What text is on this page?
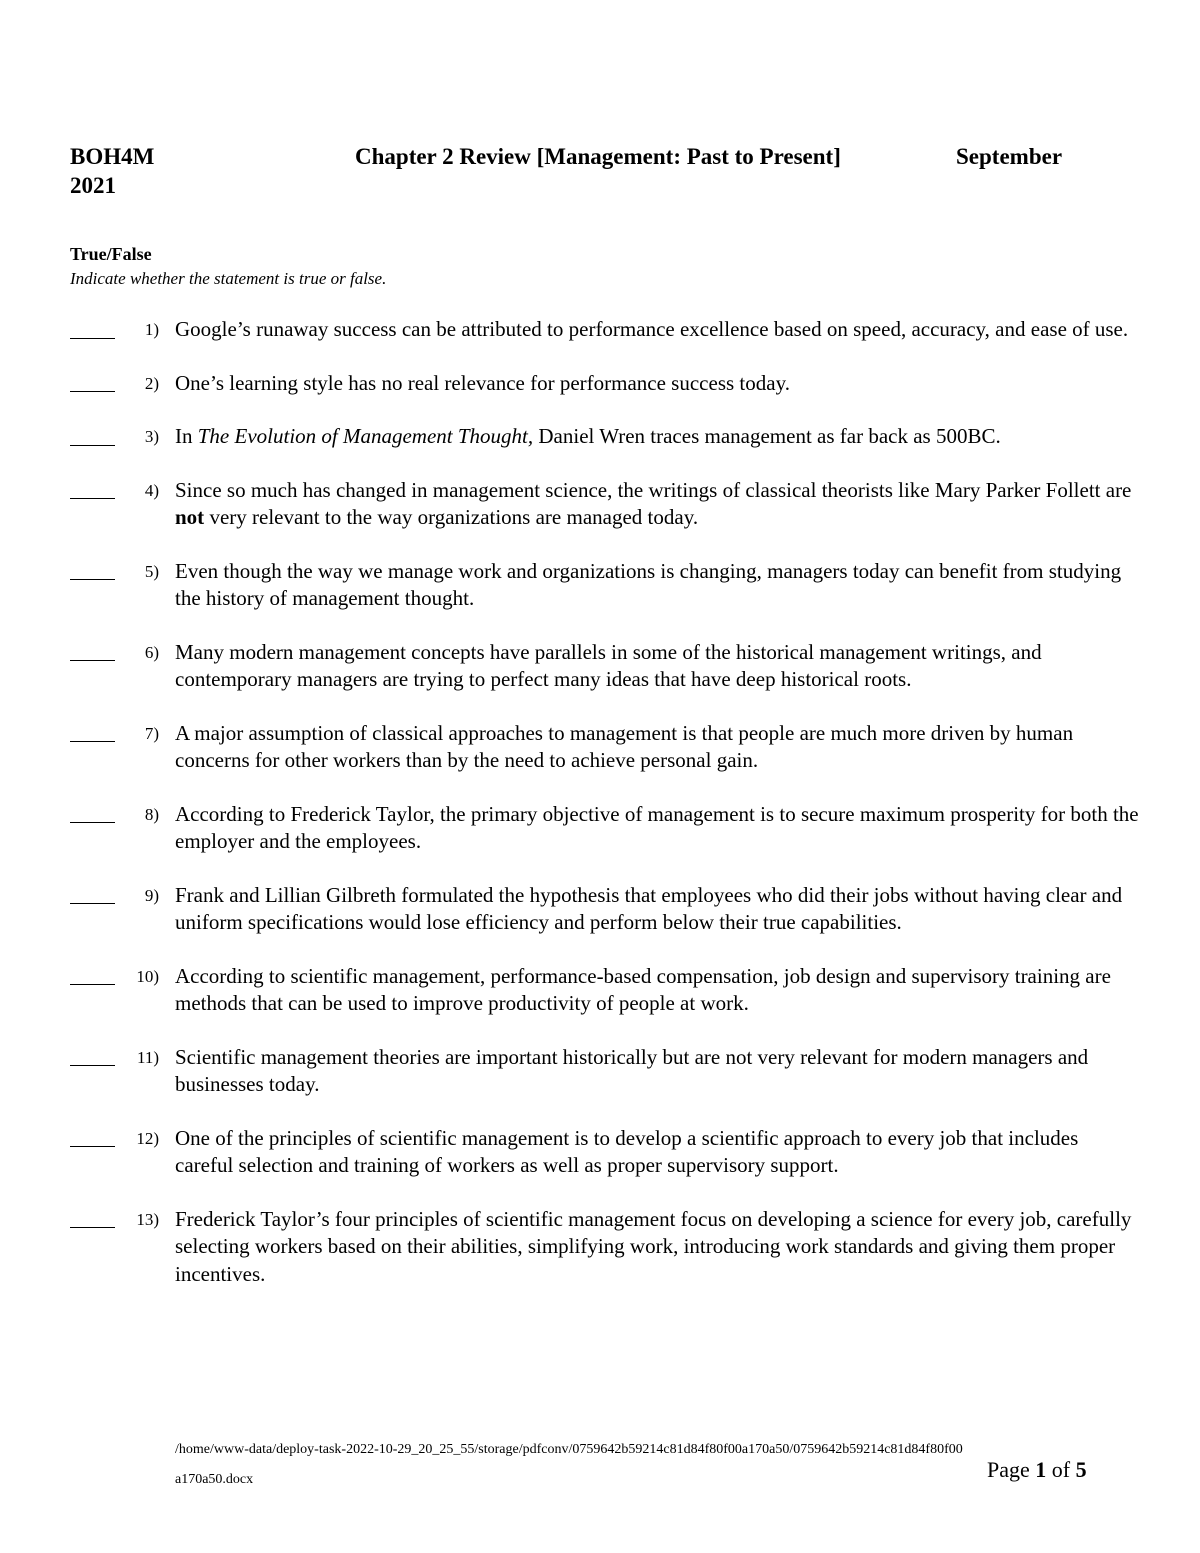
BOH4M	Chapter 2 Review [Management: Past to Present]	September
2021
True/False
Indicate whether the statement is true or false.
1) Google’s runaway success can be attributed to performance excellence based on speed, accuracy, and ease of use.
2) One’s learning style has no real relevance for performance success today.
3) In The Evolution of Management Thought, Daniel Wren traces management as far back as 500BC.
4) Since so much has changed in management science, the writings of classical theorists like Mary Parker Follett are not very relevant to the way organizations are managed today.
5) Even though the way we manage work and organizations is changing, managers today can benefit from studying the history of management thought.
6) Many modern management concepts have parallels in some of the historical management writings, and contemporary managers are trying to perfect many ideas that have deep historical roots.
7) A major assumption of classical approaches to management is that people are much more driven by human concerns for other workers than by the need to achieve personal gain.
8) According to Frederick Taylor, the primary objective of management is to secure maximum prosperity for both the employer and the employees.
9) Frank and Lillian Gilbreth formulated the hypothesis that employees who did their jobs without having clear and uniform specifications would lose efficiency and perform below their true capabilities.
10) According to scientific management, performance-based compensation, job design and supervisory training are methods that can be used to improve productivity of people at work.
11) Scientific management theories are important historically but are not very relevant for modern managers and businesses today.
12) One of the principles of scientific management is to develop a scientific approach to every job that includes careful selection and training of workers as well as proper supervisory support.
13) Frederick Taylor’s four principles of scientific management focus on developing a science for every job, carefully selecting workers based on their abilities, simplifying work, introducing work standards and giving them proper incentives.
/home/www-data/deploy-task-2022-10-29_20_25_55/storage/pdfconv/0759642b59214c81d84f80f00a170a50/0759642b59214c81d84f80f00a170a50.docx	Page 1 of 5
